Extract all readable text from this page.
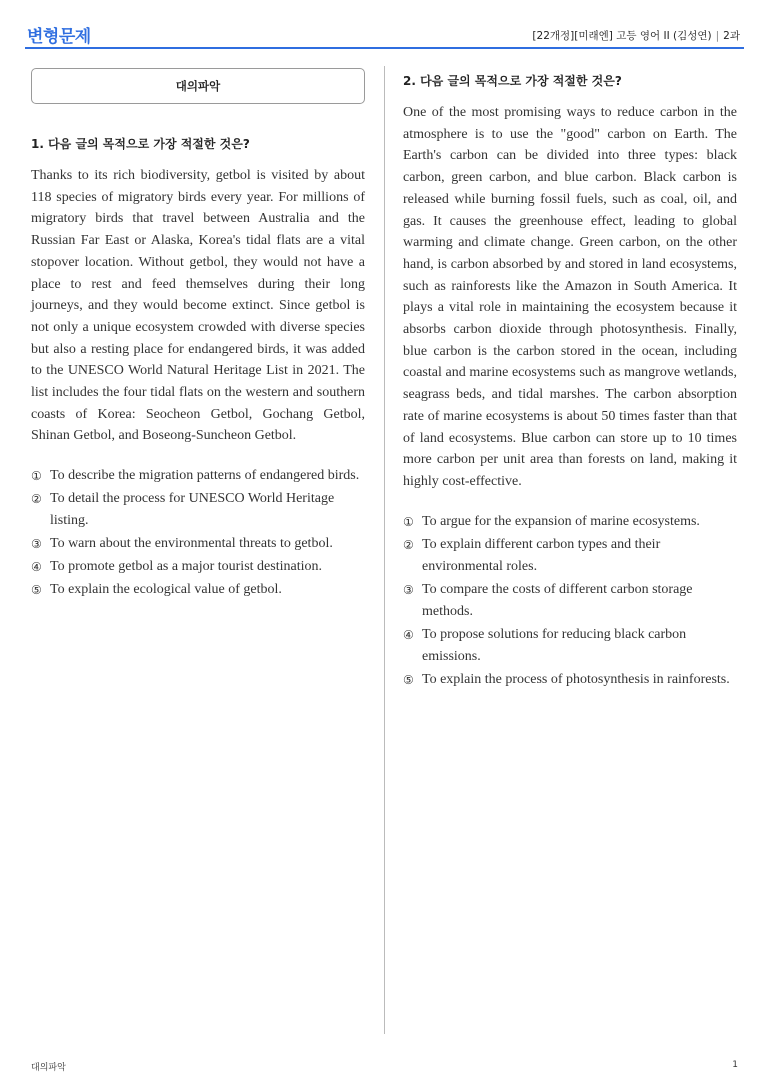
변형문제	[22개정][미래엔] 고등 영어 II (김성연) | 2과
대의파악
1. 다음 글의 목적으로 가장 적절한 것은?
Thanks to its rich biodiversity, getbol is visited by about 118 species of migratory birds every year. For millions of migratory birds that travel between Australia and the Russian Far East or Alaska, Korea's tidal flats are a vital stopover location. Without getbol, they would not have a place to rest and feed themselves during their long journeys, and they would become extinct. Since getbol is not only a unique ecosystem crowded with diverse species but also a resting place for endangered birds, it was added to the UNESCO World Natural Heritage List in 2021. The list includes the four tidal flats on the western and southern coasts of Korea: Seocheon Getbol, Gochang Getbol, Shinan Getbol, and Boseong-Suncheon Getbol.
① To describe the migration patterns of endangered birds.
② To detail the process for UNESCO World Heritage listing.
③ To warn about the environmental threats to getbol.
④ To promote getbol as a major tourist destination.
⑤ To explain the ecological value of getbol.
2. 다음 글의 목적으로 가장 적절한 것은?
One of the most promising ways to reduce carbon in the atmosphere is to use the "good" carbon on Earth. The Earth's carbon can be divided into three types: black carbon, green carbon, and blue carbon. Black carbon is released while burning fossil fuels, such as coal, oil, and gas. It causes the greenhouse effect, leading to global warming and climate change. Green carbon, on the other hand, is carbon absorbed by and stored in land ecosystems, such as rainforests like the Amazon in South America. It plays a vital role in maintaining the ecosystem because it absorbs carbon dioxide through photosynthesis. Finally, blue carbon is the carbon stored in the ocean, including coastal and marine ecosystems such as mangrove wetlands, seagrass beds, and tidal marshes. The carbon absorption rate of marine ecosystems is about 50 times faster than that of land ecosystems. Blue carbon can store up to 10 times more carbon per unit area than forests on land, making it highly cost-effective.
① To argue for the expansion of marine ecosystems.
② To explain different carbon types and their environmental roles.
③ To compare the costs of different carbon storage methods.
④ To propose solutions for reducing black carbon emissions.
⑤ To explain the process of photosynthesis in rainforests.
대의파악	1
